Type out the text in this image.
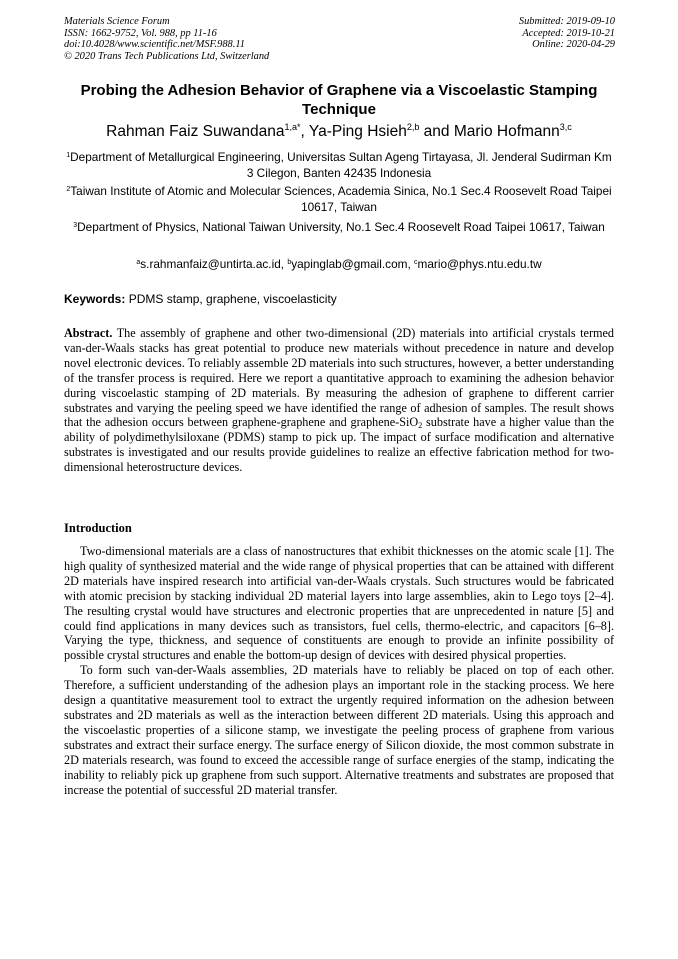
Materials Science Forum
ISSN: 1662-9752, Vol. 988, pp 11-16
doi:10.4028/www.scientific.net/MSF.988.11
© 2020 Trans Tech Publications Ltd, Switzerland
Submitted: 2019-09-10
Accepted: 2019-10-21
Online: 2020-04-29
Probing the Adhesion Behavior of Graphene via a Viscoelastic Stamping Technique
Rahman Faiz Suwandana$^{1,a*}$, Ya-Ping Hsieh$^{2,b}$ and Mario Hofmann$^{3,c}$
$^1$Department of Metallurgical Engineering, Universitas Sultan Ageng Tirtayasa, Jl. Jenderal Sudirman Km 3 Cilegon, Banten 42435 Indonesia
$^2$Taiwan Institute of Atomic and Molecular Sciences, Academia Sinica, No.1 Sec.4 Roosevelt Road Taipei 10617, Taiwan
$^3$Department of Physics, National Taiwan University, No.1 Sec.4 Roosevelt Road Taipei 10617, Taiwan
$^a$s.rahmanfaiz@untirta.ac.id, $^b$yapinglab@gmail.com, $^c$mario@phys.ntu.edu.tw
Keywords: PDMS stamp, graphene, viscoelasticity
Abstract. The assembly of graphene and other two-dimensional (2D) materials into artificial crystals termed van-der-Waals stacks has great potential to produce new materials without precedence in nature and develop novel electronic devices. To reliably assemble 2D materials into such structures, however, a better understanding of the transfer process is required. Here we report a quantitative approach to examining the adhesion behavior during viscoelastic stamping of 2D materials. By measuring the adhesion of graphene to different carrier substrates and varying the peeling speed we have identified the range of adhesion of samples. The result shows that the adhesion occurs between graphene-graphene and graphene-SiO$_2$ substrate have a higher value than the ability of polydimethylsiloxane (PDMS) stamp to pick up. The impact of surface modification and alternative substrates is investigated and our results provide guidelines to realize an effective fabrication method for two-dimensional heterostructure devices.
Introduction

Two-dimensional materials are a class of nanostructures that exhibit thicknesses on the atomic scale [1]. The high quality of synthesized material and the wide range of physical properties that can be attained with different 2D materials have inspired research into artificial van-der-Waals crystals. Such structures would be fabricated with atomic precision by stacking individual 2D material layers into large assemblies, akin to Lego toys [2–4]. The resulting crystal would have structures and electronic properties that are unprecedented in nature [5] and could find applications in many devices such as transistors, fuel cells, thermo-electric, and capacitors [6–8]. Varying the type, thickness, and sequence of constituents are enough to provide an infinite possibility of possible crystal structures and enable the bottom-up design of devices with desired physical properties.

To form such van-der-Waals assemblies, 2D materials have to reliably be placed on top of each other. Therefore, a sufficient understanding of the adhesion plays an important role in the stacking process. We here design a quantitative measurement tool to extract the urgently required information on the adhesion between substrates and 2D materials as well as the interaction between different 2D materials. Using this approach and the viscoelastic properties of a silicone stamp, we investigate the peeling process of graphene from various substrates and extract their surface energy. The surface energy of Silicon dioxide, the most common substrate in 2D materials research, was found to exceed the accessible range of surface energies of the stamp, indicating the inability to reliably pick up graphene from such support. Alternative treatments and substrates are proposed that increase the potential of successful 2D material transfer.
